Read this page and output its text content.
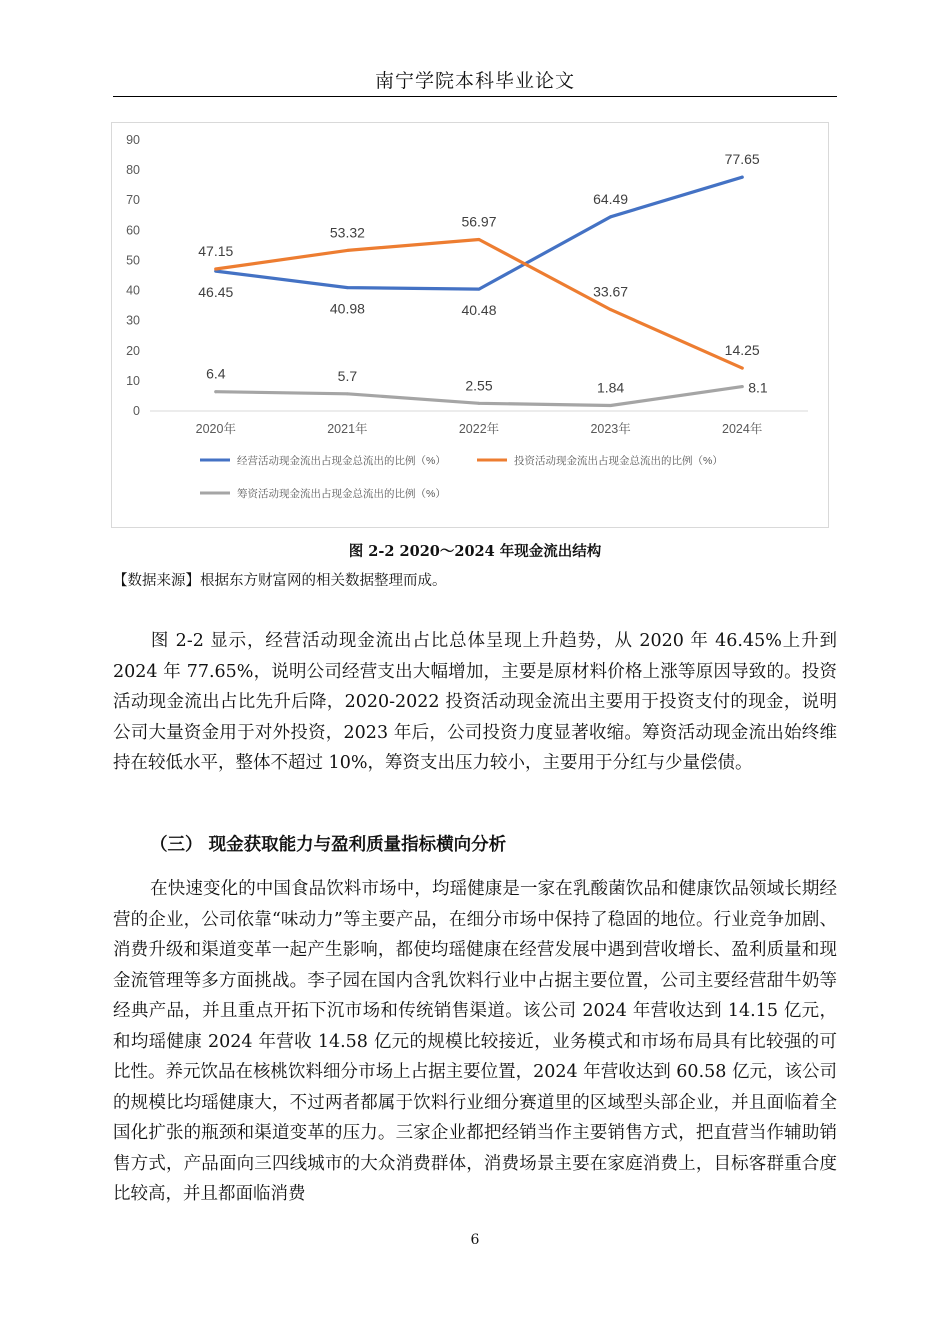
南宁学院本科毕业论文
0
10
20
30
40
50
60
70
80
90
2020年	2021年	2022年	2023年	2024年
46.45
40.98	40.48
64.49
77.65
47.15
53.32
56.97
33.67
14.25
6.4	5.7
2.55	1.84	8.1
经营活动现金流出占现金总流出的比例（%）	投资活动现金流出占现金总流出的比例（%）
筹资活动现金流出占现金总流出的比例（%）
图 2-2 2020～2024 年现金流出结构
【数据来源】根据东方财富网的相关数据整理而成。

图 2-2 显示，经营活动现金流出占比总体呈现上升趋势，从 2020 年 46.45%上升到 2024 年 77.65%，说明公司经营支出大幅增加，主要是原材料价格上涨等原因导致的。投资活动现金流出占比先升后降，2020-2022 投资活动现金流出主要用于投资支付的现金，说明公司大量资金用于对外投资，2023 年后，公司投资力度显著收缩。筹资活动现金流出始终维持在较低水平，整体不超过 10%，筹资支出压力较小，主要用于分红与少量偿债。

（三） 现金获取能力与盈利质量指标横向分析

在快速变化的中国食品饮料市场中，均瑶健康是一家在乳酸菌饮品和健康饮品领域长期经营的企业，公司依靠“味动力”等主要产品，在细分市场中保持了稳固的地位。行业竞争加剧、消费升级和渠道变革一起产生影响，都使均瑶健康在经营发展中遇到营收增长、盈利质量和现金流管理等多方面挑战。李子园在国内含乳饮料行业中占据主要位置，公司主要经营甜牛奶等经典产品，并且重点开拓下沉市场和传统销售渠道。该公司 2024 年营收达到 14.15 亿元，和均瑶健康 2024 年营收 14.58 亿元的规模比较接近，业务模式和市场布局具有比较强的可比性。养元饮品在核桃饮料细分市场上占据主要位置，2024 年营收达到 60.58 亿元，该公司的规模比均瑶健康大，不过两者都属于饮料行业细分赛道里的区域型头部企业，并且面临着全国化扩张的瓶颈和渠道变革的压力。三家企业都把经销当作主要销售方式，把直营当作辅助销售方式，产品面向三四线城市的大众消费群体，消费场景主要在家庭消费上，目标客群重合度比较高，并且都面临消费

6
